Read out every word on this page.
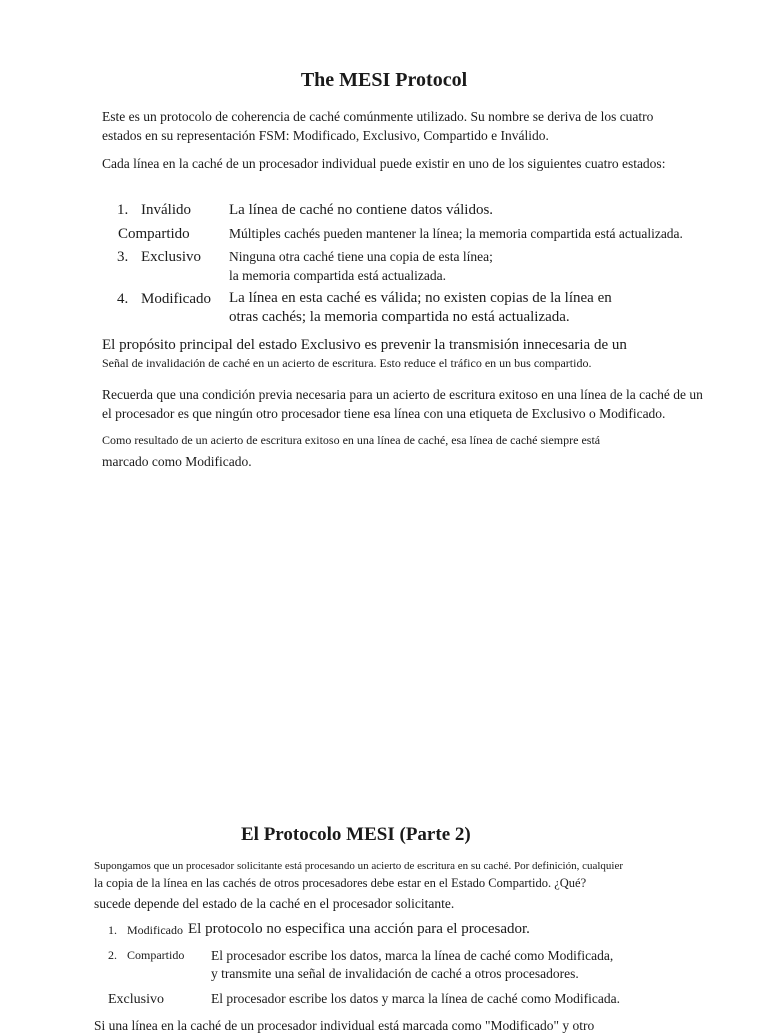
The MESI Protocol
Este es un protocolo de coherencia de caché comúnmente utilizado. Su nombre se deriva de los cuatro
estados en su representación FSM: Modificado, Exclusivo, Compartido e Inválido.
Cada línea en la caché de un procesador individual puede existir en uno de los siguientes cuatro estados:
1. Inválido	La línea de caché no contiene datos válidos.
Compartido	Múltiples cachés pueden mantener la línea; la memoria compartida está actualizada.
3. Exclusivo Ninguna otra caché tiene una copia de esta línea;
la memoria compartida está actualizada.
4. Modificado La línea en esta caché es válida; no existen copias de la línea en
otras cachés; la memoria compartida no está actualizada.
El propósito principal del estado Exclusivo es prevenir la transmisión innecesaria de un
Señal de invalidación de caché en un acierto de escritura. Esto reduce el tráfico en un bus compartido.
Recuerda que una condición previa necesaria para un acierto de escritura exitoso en una línea de la caché de un
el procesador es que ningún otro procesador tiene esa línea con una etiqueta de Exclusivo o Modificado.
Como resultado de un acierto de escritura exitoso en una línea de caché, esa línea de caché siempre está
marcado como Modificado.
El Protocolo MESI (Parte 2)
Supongamos que un procesador solicitante está procesando un acierto de escritura en su caché. Por definición, cualquier
la copia de la línea en las cachés de otros procesadores debe estar en el Estado Compartido. ¿Qué?
sucede depende del estado de la caché en el procesador solicitante.
1. Modificado El protocolo no especifica una acción para el procesador.
2. Compartido El procesador escribe los datos, marca la línea de caché como Modificada,
y transmite una señal de invalidación de caché a otros procesadores.
Exclusivo	El procesador escribe los datos y marca la línea de caché como Modificada.
Si una línea en la caché de un procesador individual está marcada como "Modificado" y otro
